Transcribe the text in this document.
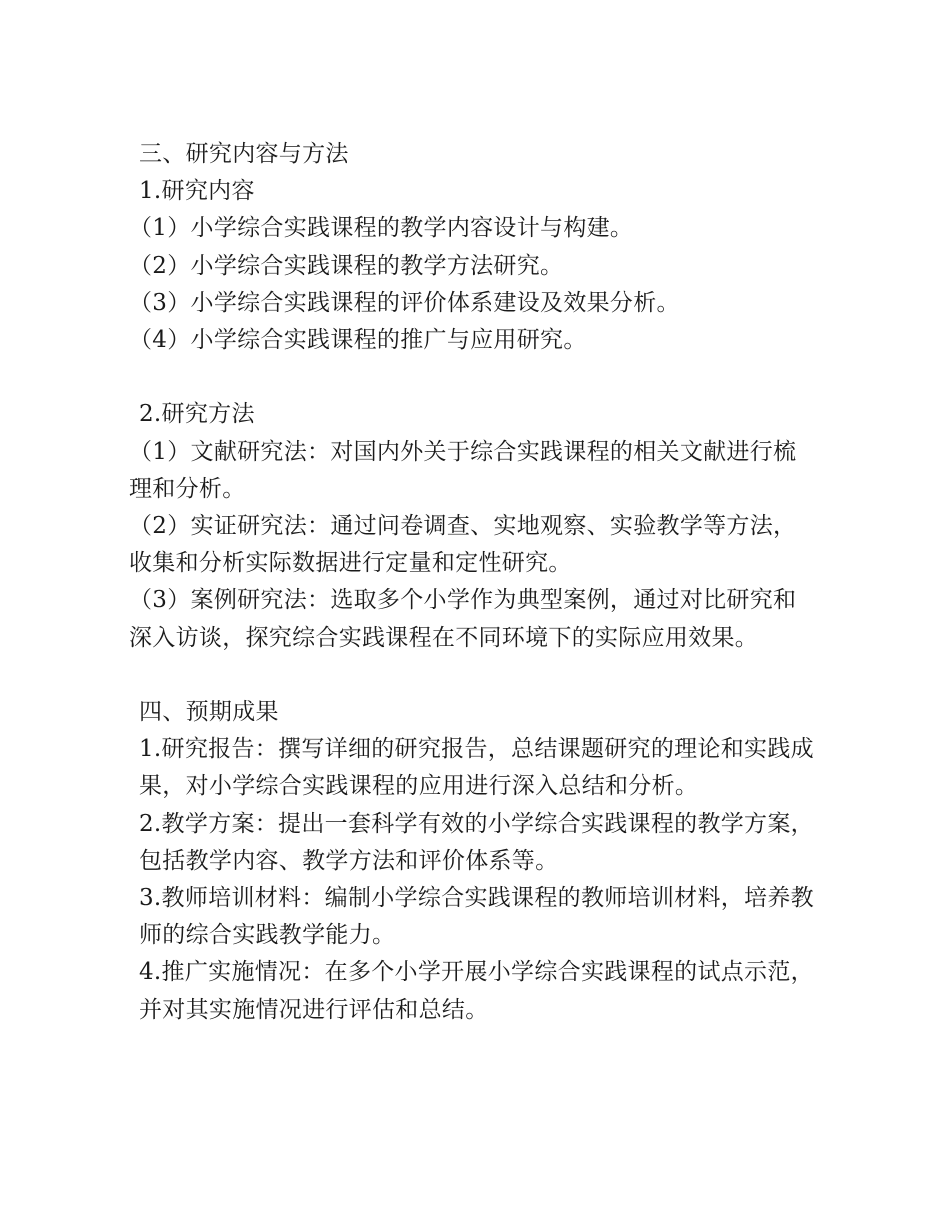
三、研究内容与方法

1.研究内容

（1）小学综合实践课程的教学内容设计与构建。

（2）小学综合实践课程的教学方法研究。

（3）小学综合实践课程的评价体系建设及效果分析。

（4）小学综合实践课程的推广与应用研究。

2.研究方法

（1）文献研究法：对国内外关于综合实践课程的相关文献进行梳理和分析。

（2）实证研究法：通过问卷调查、实地观察、实验教学等方法，收集和分析实际数据进行定量和定性研究。

（3）案例研究法：选取多个小学作为典型案例，通过对比研究和深入访谈，探究综合实践课程在不同环境下的实际应用效果。

四、预期成果

1.研究报告：撰写详细的研究报告，总结课题研究的理论和实践成果，对小学综合实践课程的应用进行深入总结和分析。

2.教学方案：提出一套科学有效的小学综合实践课程的教学方案，包括教学内容、教学方法和评价体系等。

3.教师培训材料：编制小学综合实践课程的教师培训材料，培养教师的综合实践教学能力。

4.推广实施情况：在多个小学开展小学综合实践课程的试点示范，并对其实施情况进行评估和总结。
